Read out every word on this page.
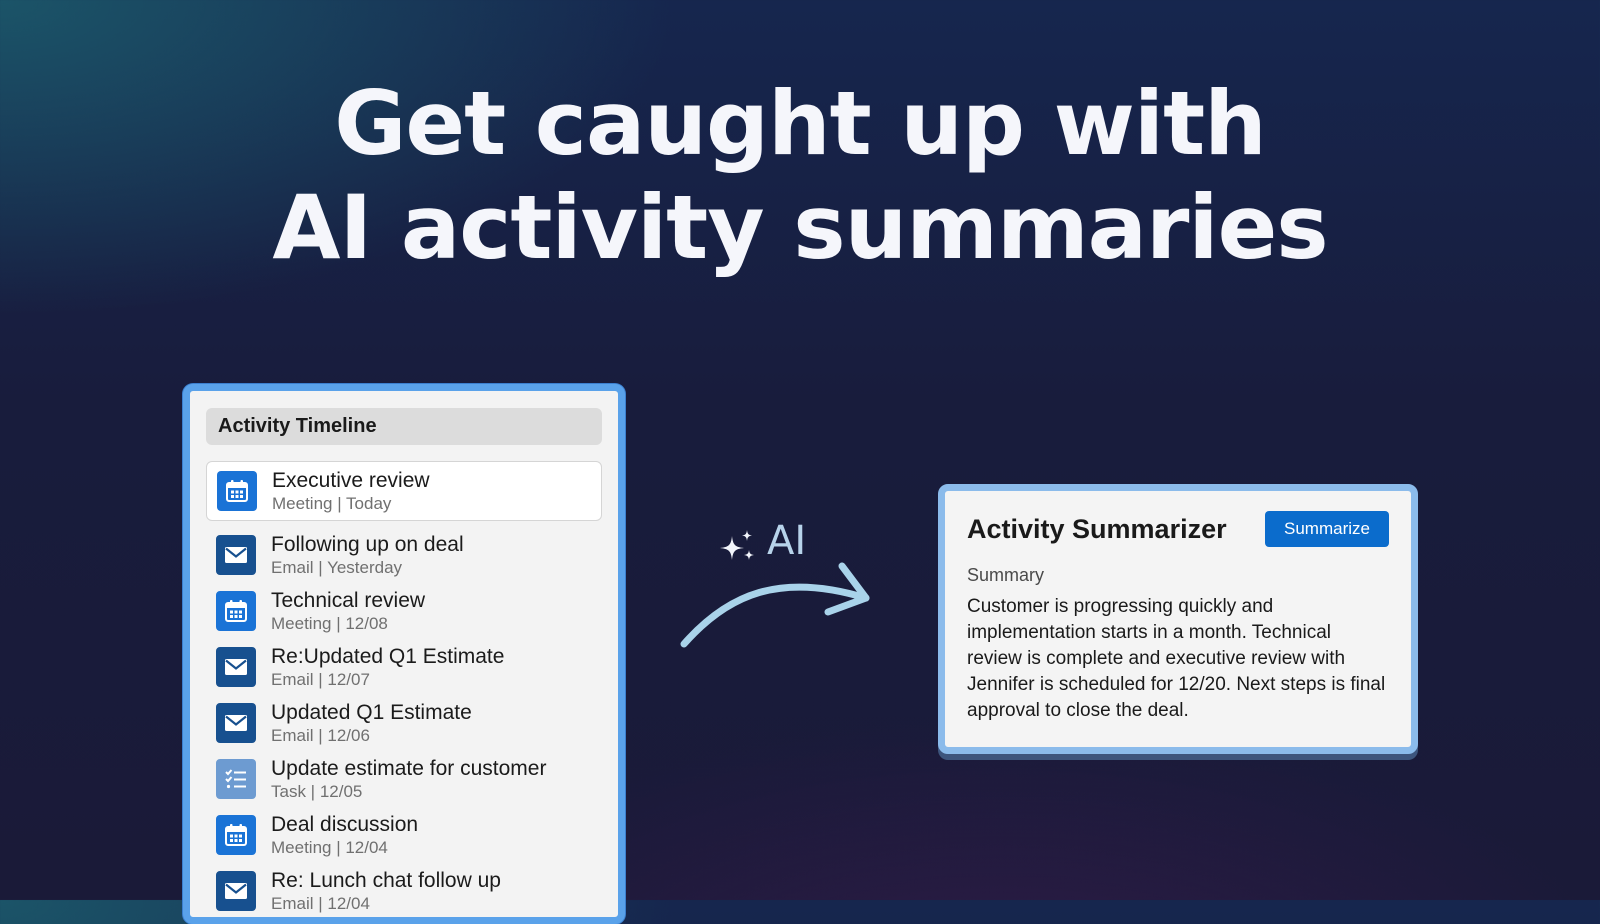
Get caught up with
AI activity summaries
Activity Timeline
Executive review
Meeting | Today
Following up on deal
Email | Yesterday
Technical review
Meeting | 12/08
Re:Updated Q1 Estimate
Email | 12/07
Updated Q1 Estimate
Email | 12/06
Update estimate for customer
Task | 12/05
Deal discussion
Meeting | 12/04
Re: Lunch chat follow up
Email | 12/04
AI	Activity Summarizer	Summarize
Summary

Customer is progressing quickly and implementation starts in a month. Technical review is complete and executive review with Jennifer is scheduled for 12/20. Next steps is final approval to close the deal.
